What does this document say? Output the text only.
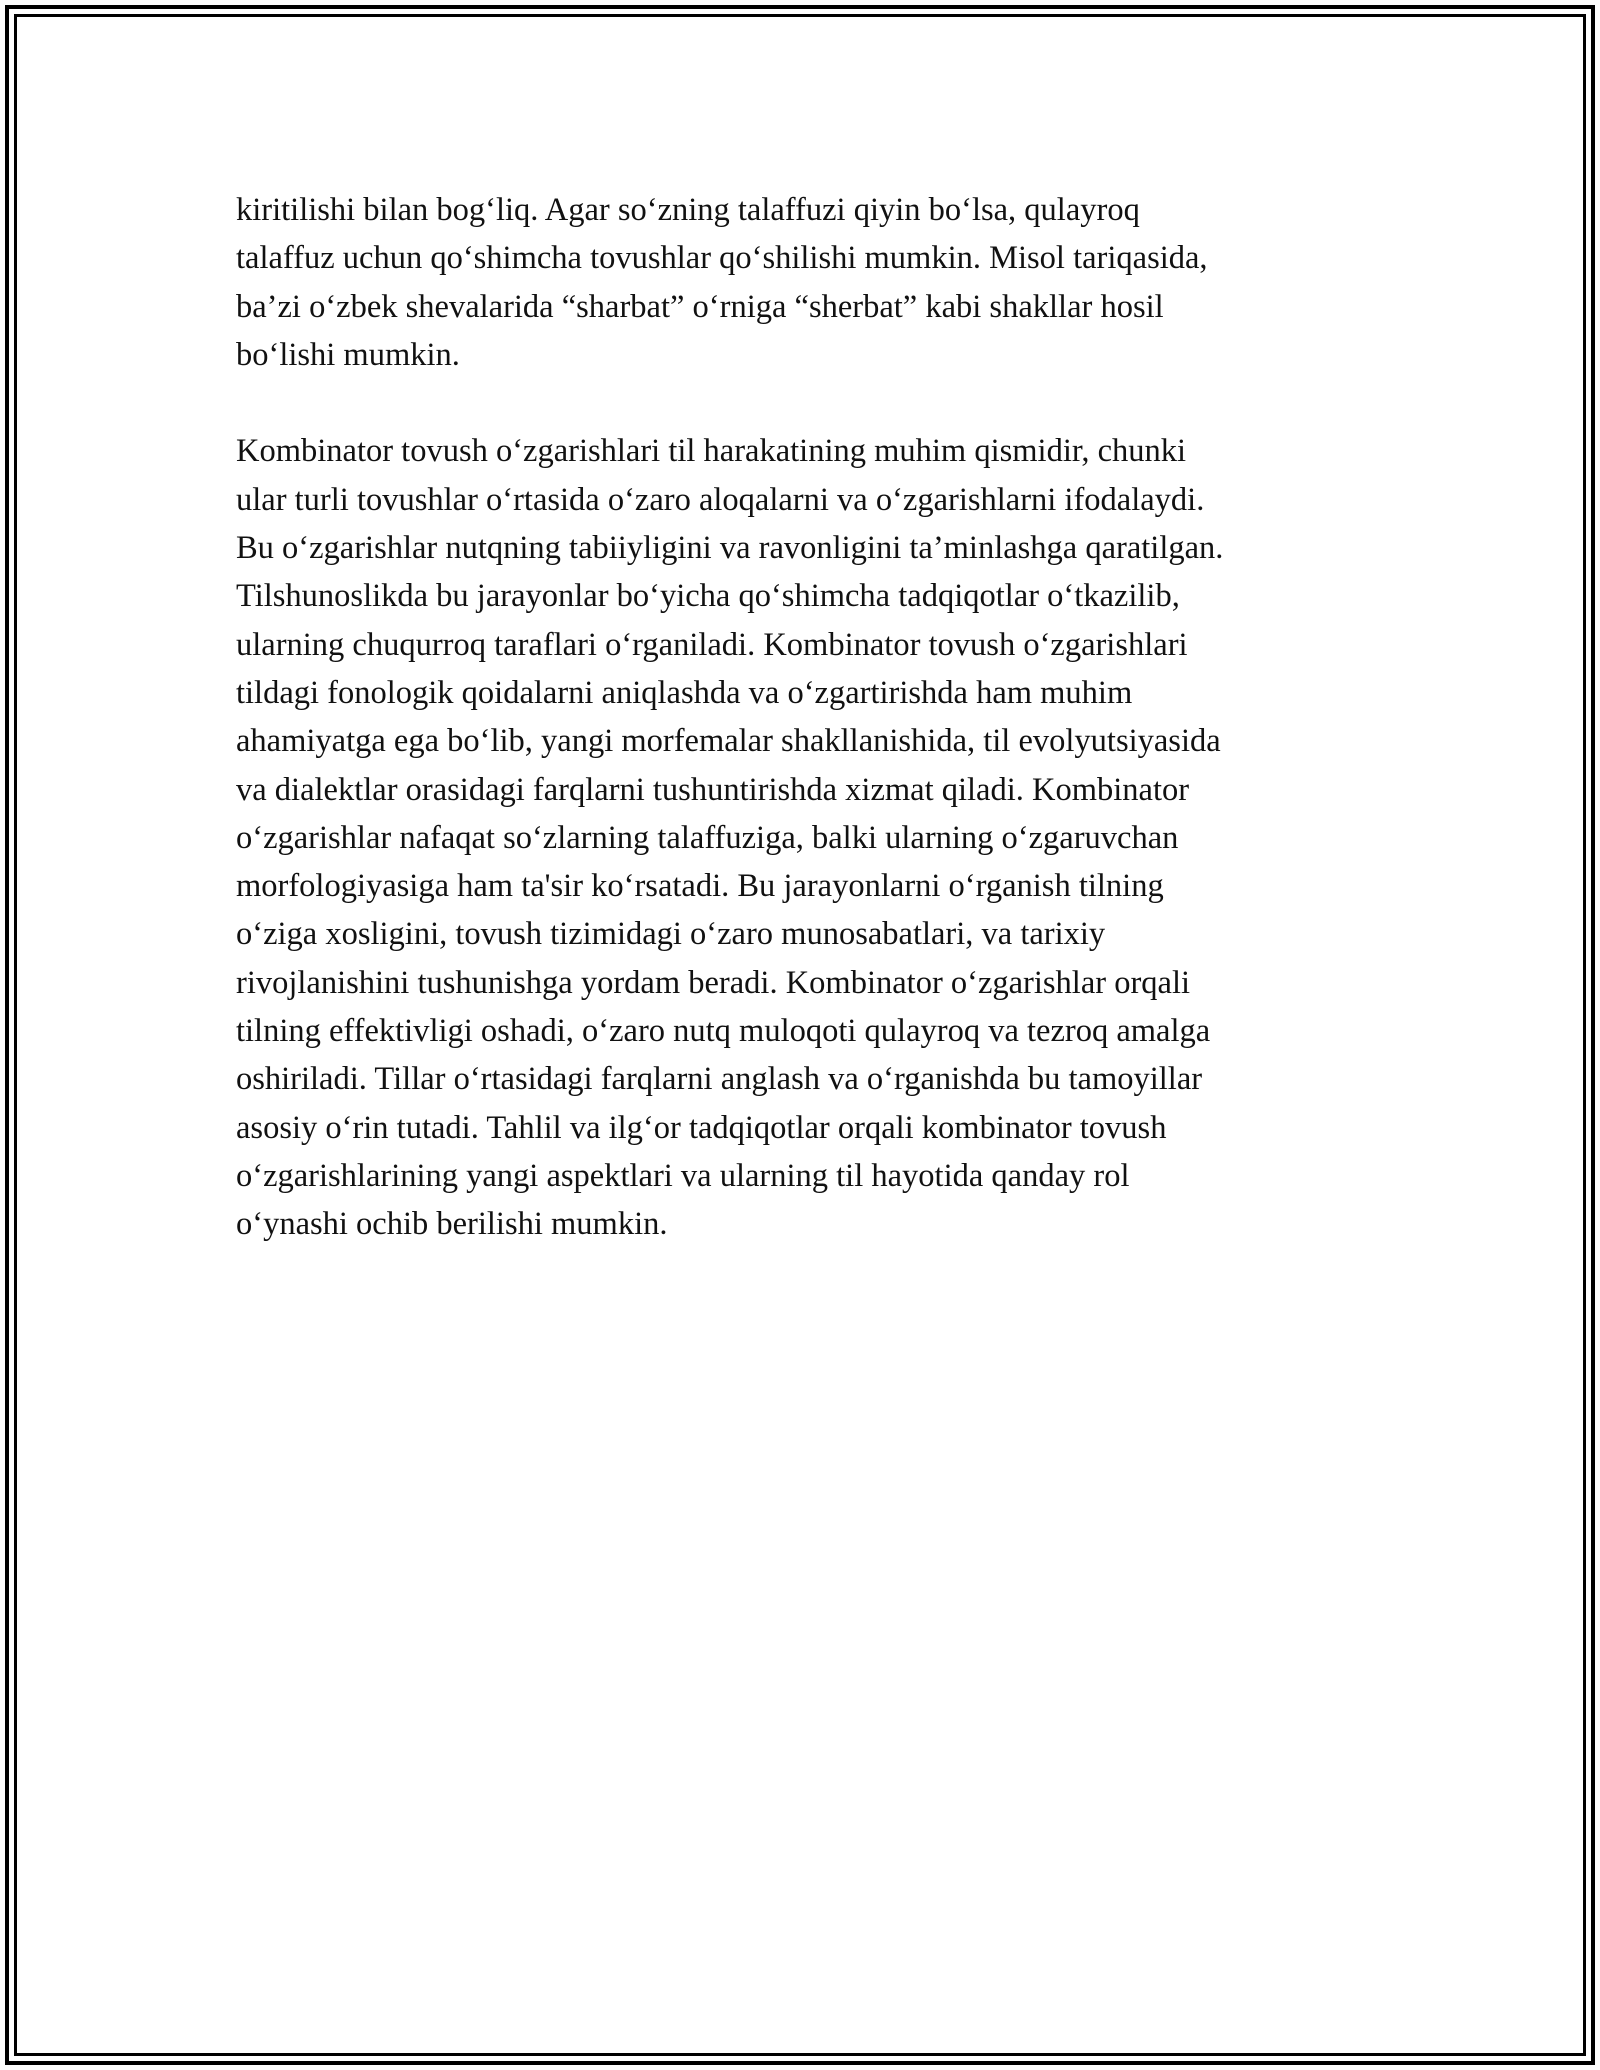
kiritilishi bilan bog‘liq. Agar so‘zning talaffuzi qiyin bo‘lsa, qulayroq
talaffuz uchun qo‘shimcha tovushlar qo‘shilishi mumkin. Misol tariqasida,
ba’zi o‘zbek shevalarida “sharbat” o‘rniga “sherbat” kabi shakllar hosil
bo‘lishi mumkin.
Kombinator tovush o‘zgarishlari til harakatining muhim qismidir, chunki
ular turli tovushlar o‘rtasida o‘zaro aloqalarni va o‘zgarishlarni ifodalaydi.
Bu o‘zgarishlar nutqning tabiiyligini va ravonligini ta’minlashga qaratilgan.
Tilshunoslikda bu jarayonlar bo‘yicha qo‘shimcha tadqiqotlar o‘tkazilib,
ularning chuqurroq taraflari o‘rganiladi. Kombinator tovush o‘zgarishlari
tildagi fonologik qoidalarni aniqlashda va o‘zgartirishda ham muhim
ahamiyatga ega bo‘lib, yangi morfemalar shakllanishida, til evolyutsiyasida
va dialektlar orasidagi farqlarni tushuntirishda xizmat qiladi. Kombinator
o‘zgarishlar nafaqat so‘zlarning talaffuziga, balki ularning o‘zgaruvchan
morfologiyasiga ham ta'sir ko‘rsatadi. Bu jarayonlarni o‘rganish tilning
o‘ziga xosligini, tovush tizimidagi o‘zaro munosabatlari, va tarixiy
rivojlanishini tushunishga yordam beradi. Kombinator o‘zgarishlar orqali
tilning effektivligi oshadi, o‘zaro nutq muloqoti qulayroq va tezroq amalga
oshiriladi. Tillar o‘rtasidagi farqlarni anglash va o‘rganishda bu tamoyillar
asosiy o‘rin tutadi. Tahlil va ilg‘or tadqiqotlar orqali kombinator tovush
o‘zgarishlarining yangi aspektlari va ularning til hayotida qanday rol
o‘ynashi ochib berilishi mumkin.
